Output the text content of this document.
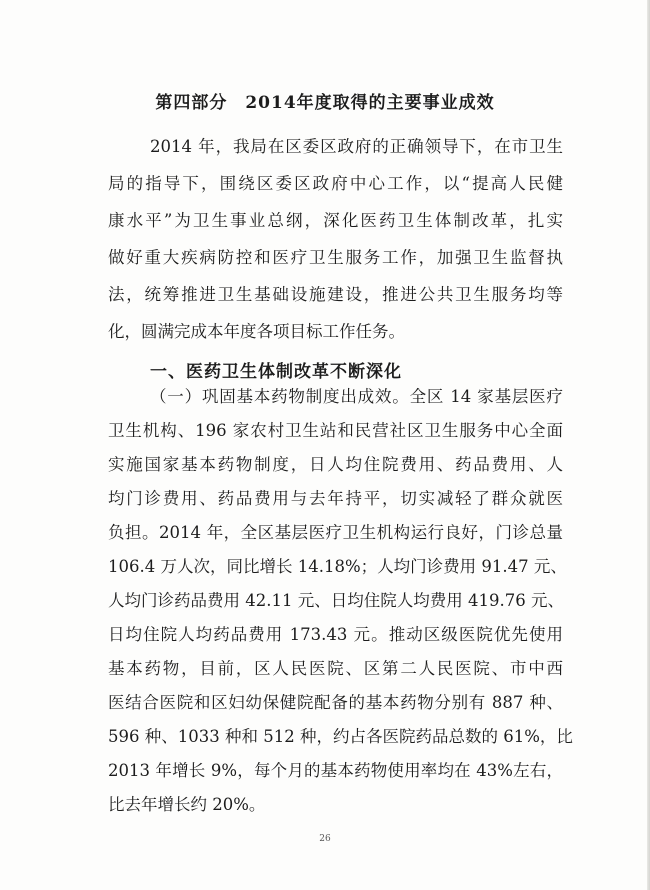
第四部分 2014年度取得的主要事业成效
2014 年，我局在区委区政府的正确领导下，在市卫生
局的指导下，围绕区委区政府中心工作，以“提高人民健
康水平”为卫生事业总纲，深化医药卫生体制改革，扎实
做好重大疾病防控和医疗卫生服务工作，加强卫生监督执
法，统筹推进卫生基础设施建设，推进公共卫生服务均等
化，圆满完成本年度各项目标工作任务。
一、医药卫生体制改革不断深化
（一）巩固基本药物制度出成效。全区 14 家基层医疗
卫生机构、196 家农村卫生站和民营社区卫生服务中心全面
实施国家基本药物制度，日人均住院费用、药品费用、人
均门诊费用、药品费用与去年持平，切实减轻了群众就医
负担。2014 年，全区基层医疗卫生机构运行良好，门诊总量
106.4 万人次，同比增长 14.18%；人均门诊费用 91.47 元、
人均门诊药品费用 42.11 元、日均住院人均费用 419.76 元、
日均住院人均药品费用 173.43 元。推动区级医院优先使用
基本药物，目前，区人民医院、区第二人民医院、市中西
医结合医院和区妇幼保健院配备的基本药物分别有 887 种、
596 种、1033 种和 512 种，约占各医院药品总数的 61%，比
2013 年增长 9%，每个月的基本药物使用率均在 43%左右，
比去年增长约 20%。
26
